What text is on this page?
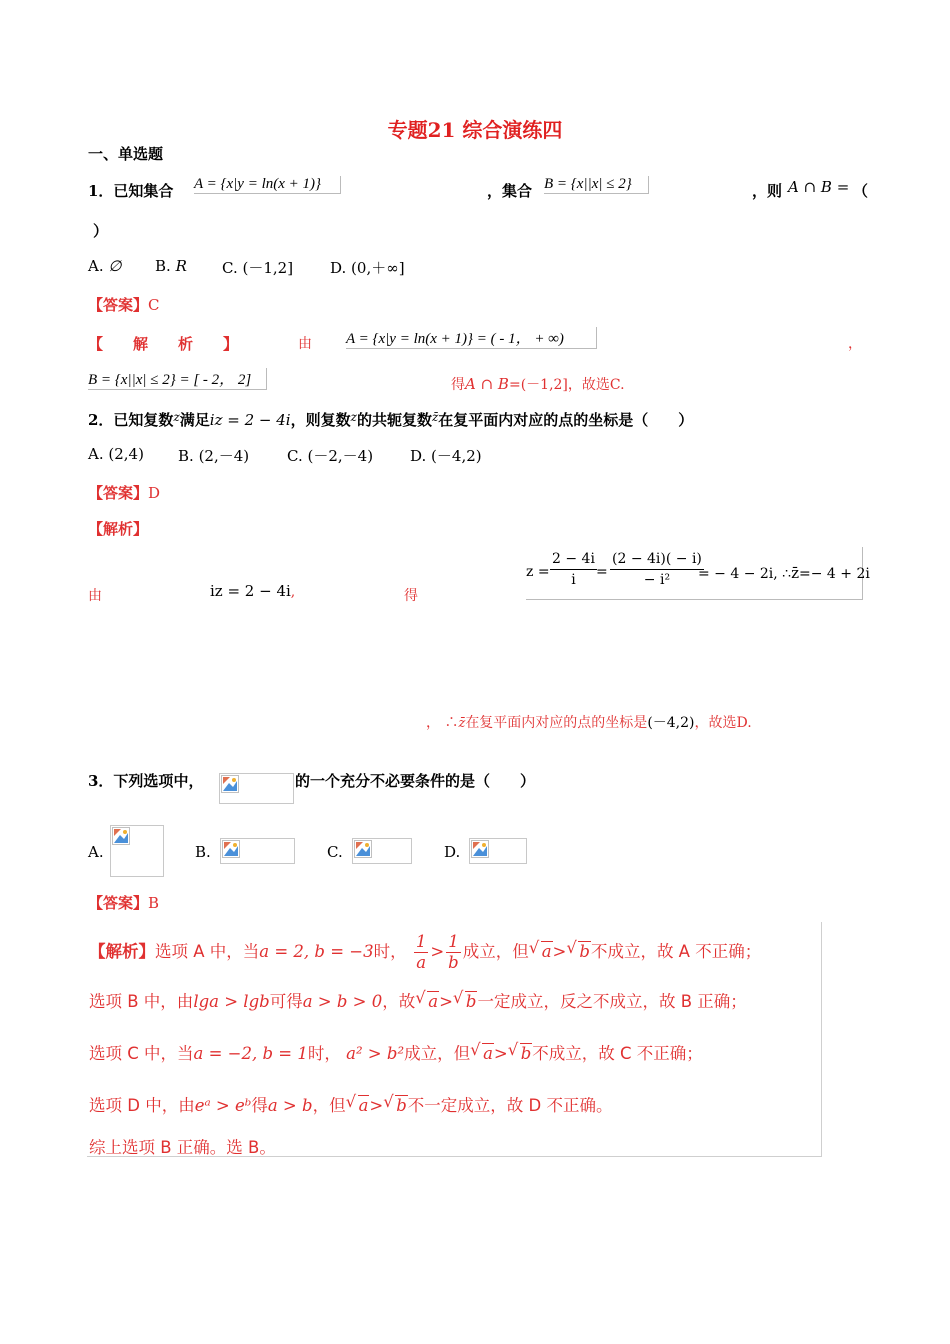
专题21 综合演练四
一、单选题
1．已知集合 A = {x|y = ln(x + 1)}	，集合 B = {x||x| ≤ 2}	，则 A ∩ B = （
）
A. ∅ B. R C. (－1,2] D. (0,＋∞]
【答案】C
【　　解　　析　　】	由 A = {x|y = ln(x + 1)} = ( - 1， + ∞)	，
B = {x||x| ≤ 2} = [ - 2， 2]	得A ∩ B=(－1,2]，故选C.
2．已知复数$^z$满足iz = 2 − 4i，则复数$^z$的共轭复数$^{z̄}$在复平面内对应的点的坐标是（　　）
A. (2,4) B. (2,－4)	C. (－2,－4) D. (－4,2)
【答案】D
【解析】
由	iz = 2 − 4i,	得
$z = \frac{2 - 4i}{i} = \frac{(2 - 4i)( - i)}{\text{− i²}}$
= − 4 − 2i, ∴z̄=− 4 + 2i
， ∴z̄在复平面内对应的点的坐标是(－4,2)，故选D.
3．下列选项中，	的一个充分不必要条件的是（　　）
A.	B.	C.	D.
【答案】B
【解析】选项 A 中，当a = 2, b = −3时， $\frac{1}{a} > \frac{1}{b}$ 成立，但 √ a> √ b不成立，故 A 不正确；
选项 B 中，由lga > lgb可得a > b > 0，故 √ a> √ b一定成立，反之不成立，故 B 正确；
选项 C 中，当a = −2, b = 1时， a² > b²成立，但 √ a> √ b不成立，故 C 不正确；
选项 D 中，由eᵃ > eᵇ得a > b，但 √ a> √ b不一定成立，故 D 不正确。
综上选项 B 正确。选 B。
